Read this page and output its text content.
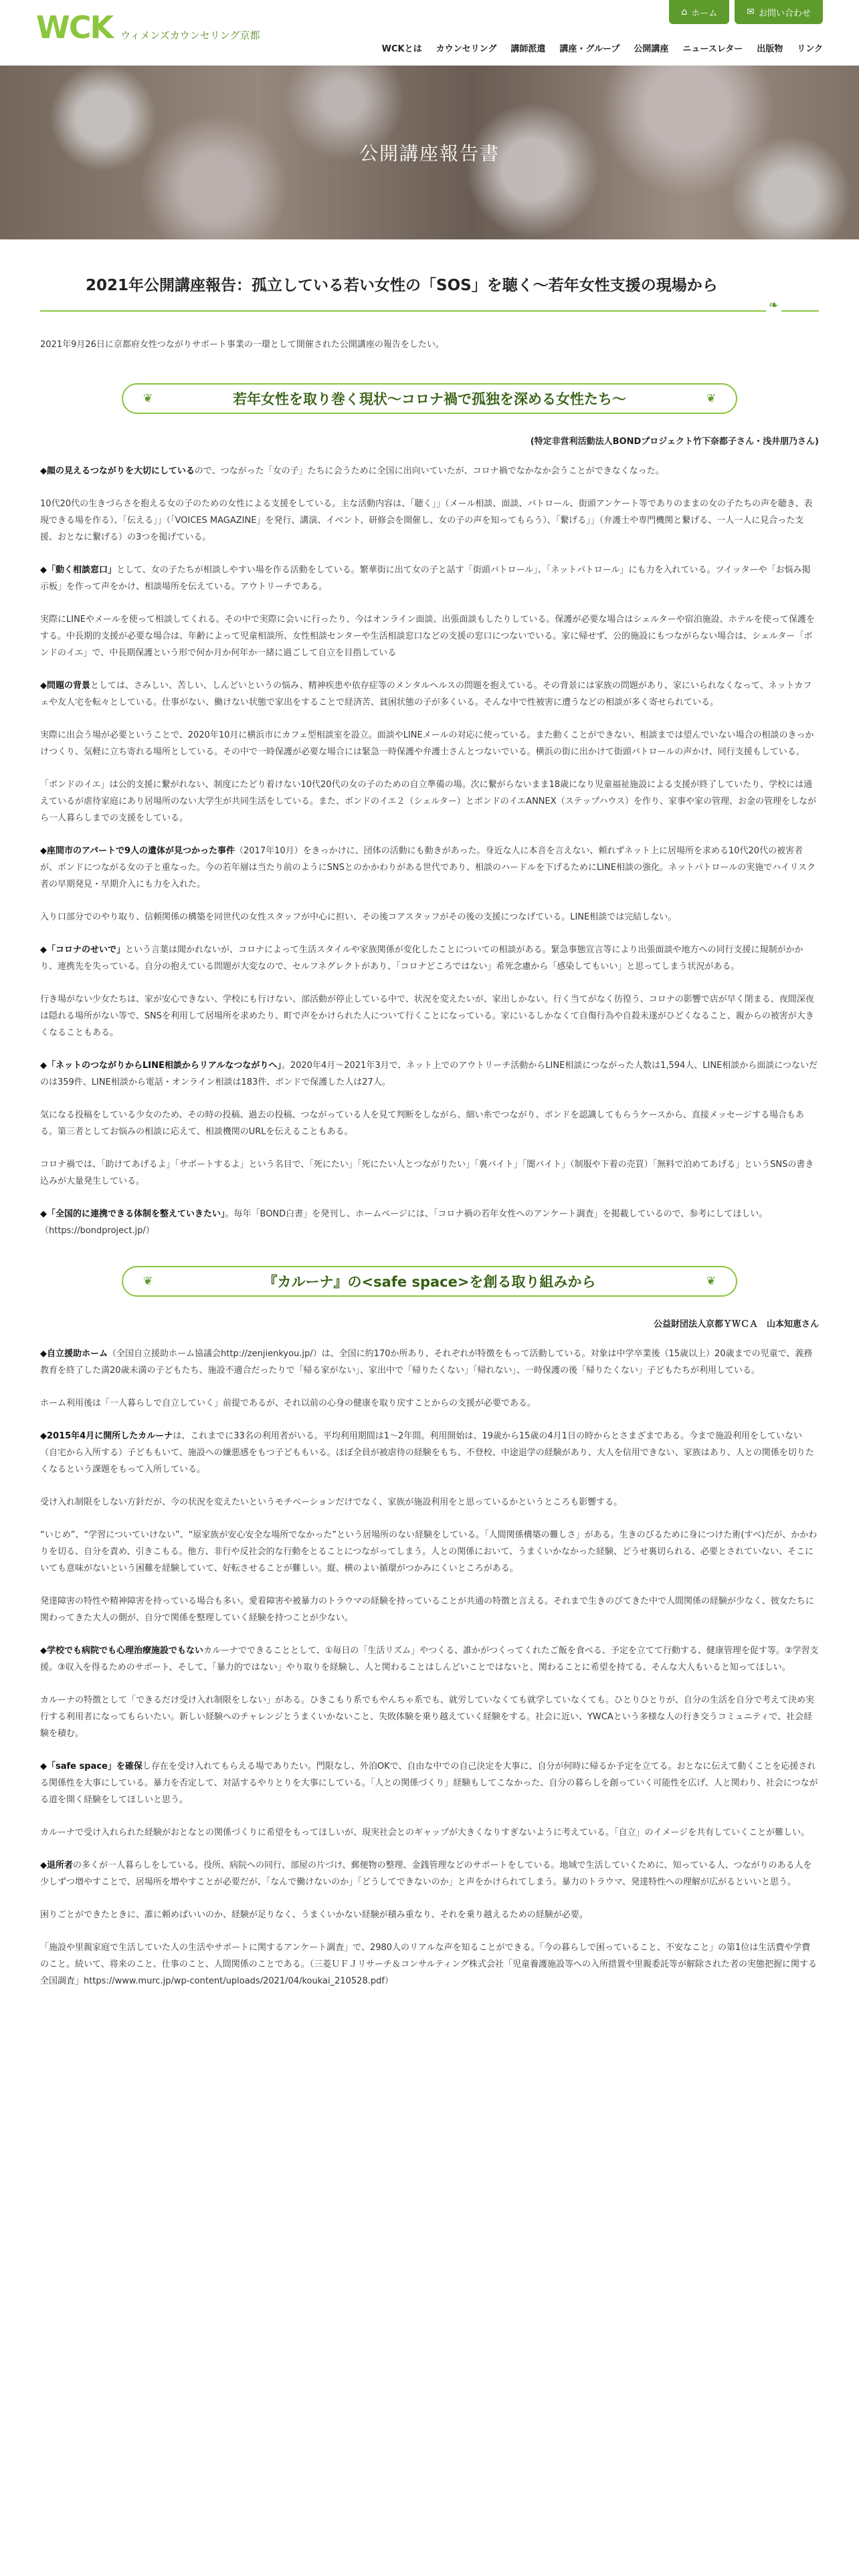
WCK ウィメンズカウンセリング京都
⌂ ホーム	✉ お問い合わせ
WCKとは カウンセリング 講師派遣 講座・グループ 公開講座 ニュースレター 出版物 リンク
公開講座報告書
2021年公開講座報告：孤立している若い女性の「SOS」を聴く～若年女性支援の現場から
❧

2021年9月26日に京都府女性つながりサポート事業の一環として開催された公開講座の報告をしたい。

❦	若年女性を取り巻く現状～コロナ禍で孤独を深める女性たち～	❦
(特定非営利活動法人BONDプロジェクト竹下奈都子さん・浅井朋乃さん)

◆顔の見えるつながりを大切にしているので、つながった「女の子」たちに会うために全国に出向いていたが、コロナ禍でなかなか会うことができなくなった。

10代20代の生きづらさを抱える女の子のための女性による支援をしている。主な活動内容は、「聴く」」（メール相談、面談、パトロール、街頭アンケート等でありのままの女の子たちの声を聴き、表現できる場を作る）、「伝える」」（「VOICES MAGAZINE」を発行、講演、イベント、研修会を開催し、女の子の声を知ってもらう）、「繋げる」」（弁護士や専門機関と繋げる、一人一人に見合った支援、おとなに繋げる）の3つを掲げている。

◆「動く相談窓口」として、女の子たちが相談しやすい場を作る活動をしている。繁華街に出て女の子と話す「街頭パトロール」、「ネットパトロール」にも力を入れている。ツイッターや「お悩み掲示板」を作って声をかけ、相談場所を伝えている。アウトリーチである。

実際にLINEやメールを使って相談してくれる。その中で実際に会いに行ったり、今はオンライン面談、出張面談もしたりしている。保護が必要な場合はシェルターや宿泊施設、ホテルを使って保護をする。中長期的支援が必要な場合は、年齢によって児童相談所、女性相談センターや生活相談窓口などの支援の窓口につないでいる。家に帰せず、公的施設にもつながらない場合は、シェルター「ボンドのイエ」で、中長期保護という形で何か月か何年か一緒に過ごして自立を目指している

◆問題の背景としては、さみしい、苦しい、しんどいというの悩み、精神疾患や依存症等のメンタルヘルスの問題を抱えている。その背景には家族の問題があり、家にいられなくなって、ネットカフェや友人宅を転々としている。仕事がない、働けない状態で家出をすることで経済苦、貧困状態の子が多くいる。そんな中で性被害に遭うなどの相談が多く寄せられている。

実際に出会う場が必要ということで、2020年10月に横浜市にカフェ型相談室を設立。面談やLINEメールの対応に使っている。また動くことができない、相談までは望んでいない場合の相談のきっかけつくり、気軽に立ち寄れる場所としている。その中で一時保護が必要な場合には緊急一時保護や弁護士さんとつないでいる。横浜の街に出かけて街頭パトロールの声かけ、同行支援もしている。

「ボンドのイエ」は公的支援に繋がれない、制度にたどり着けない10代20代の女の子のための自立準備の場。次に繋がらないまま18歳になり児童福祉施設による支援が終了していたり、学校には通えているが虐待家庭にあり居場所のない大学生が共同生活をしている。また、ボンドのイエ２（シェルター）とボンドのイエANNEX（ステップハウス）を作り、家事や家の管理、お金の管理をしながら一人暮らしまでの支援をしている。

◆座間市のアパートで9人の遺体が見つかった事件（2017年10月）をきっかけに、団体の活動にも動きがあった。身近な人に本音を言えない、頼れずネット上に居場所を求める10代20代の被害者が、ボンドにつながる女の子と重なった。今の若年層は当たり前のようにSNSとのかかわりがある世代であり、相談のハードルを下げるためにLINE相談の強化。ネットパトロールの実施でハイリスク者の早期発見・早期介入にも力を入れた。

入り口部分でのやり取り、信頼関係の構築を同世代の女性スタッフが中心に担い、その後コアスタッフがその後の支援につなげている。LINE相談では完結しない。

◆「コロナのせいで」という言葉は聞かれないが、コロナによって生活スタイルや家族関係が変化したことについての相談がある。緊急事態宣言等により出張面談や地方への同行支援に規制がかかり、連携先を失っている。自分の抱えている問題が大変なので、セルフネグレクトがあり、「コロナどころではない」希死念慮から「感染してもいい」と思ってしまう状況がある。

行き場がない少女たちは、家が安心できない、学校にも行けない、部活動が停止している中で、状況を変えたいが、家出しかない。行く当てがなく彷徨う、コロナの影響で店が早く閉まる、夜間深夜は隠れる場所がない等で、SNSを利用して居場所を求めたり、町で声をかけられた人について行くことになっている。家にいるしかなくて自傷行為や自殺未遂がひどくなること、親からの被害が大きくなることもある。

◆「ネットのつながりからLINE相談からリアルなつながりへ」。2020年4月～2021年3月で、ネット上でのアウトリーチ活動からLINE相談につながった人数は1,594人、LINE相談から面談につないだのは359件、LINE相談から電話・オンライン相談は183件、ボンドで保護した人は27人。

気になる投稿をしている少女のため、その時の投稿、過去の投稿、つながっている人を見て判断をしながら、細い糸でつながり、ボンドを認識してもらうケースから、直接メッセージする場合もある。第三者としてお悩みの相談に応えて、相談機関のURLを伝えることもある。

コロナ禍では、「助けてあげるよ」「サポートするよ」という名目で、「死にたい」「死にたい人とつながりたい」「裏バイト」「闇バイト」（制服や下着の売買）「無料で泊めてあげる」というSNSの書き込みが大量発生している。

◆「全国的に連携できる体制を整えていきたい」。毎年「BOND白書」を発刊し、ホームページには、「コロナ禍の若年女性へのアンケート調査」を掲載しているので、参考にしてほしい。（https://bondproject.jp/）

❦	『カルーナ』の<safe space>を創る取り組みから	❦
公益財団法人京都ＹＷＣＡ　山本知恵さん

◆自立援助ホーム（全国自立援助ホーム協議会http://zenjienkyou.jp/）は、全国に約170か所あり、それぞれが特徴をもって活動している。対象は中学卒業後（15歳以上）20歳までの児童で、義務教育を終了した満20歳未満の子どもたち、施設不適合だったりで「帰る家がない」、家出中で「帰りたくない」「帰れない」、一時保護の後「帰りたくない」子どもたちが利用している。

ホーム利用後は「一人暮らしで自立していく」前提であるが、それ以前の心身の健康を取り戻すことからの支援が必要である。

◆2015年4月に開所したカルーナは、これまでに33名の利用者がいる。平均利用期間は1～2年間。利用開始は、19歳から15歳の4月1日の時からとさまざまである。今まで施設利用をしていない（自宅から入所する）子どももいて、施設への嫌悪感をもつ子どももいる。ほぼ全員が被虐待の経験をもち、不登校、中途退学の経験があり、大人を信用できない、家族はあり、人との関係を切りたくなるという課題をもって入所している。

受け入れ制限をしない方針だが、今の状況を変えたいというモチベーションだけでなく、家族が施設利用をと思っているかというところも影響する。

“いじめ”、“学習についていけない”、“原家族が安心安全な場所でなかった”という居場所のない経験をしている。「人間関係構築の難しさ」がある。生きのびるために身につけた術(すべ)だが、かかわりを切る、自分を責め、引きこもる。他方、非行や反社会的な行動をとることにつながってしまう。人との関係において、うまくいかなかった経験、どうせ裏切られる、必要とされていない、そこにいても意味がないという困難を経験していて、好転させることが難しい。縦、横のよい循環がつかみにくいところがある。

発達障害の特性や精神障害を持っている場合も多い。愛着障害や被暴力のトラウマの経験を持っていることが共通の特徴と言える。それまで生きのびてきた中で人間関係の経験が少なく、彼女たちに関わってきた大人の側が、自分で関係を整理していく経験を持つことが少ない。

◆学校でも病院でも心理治療施設でもないカルーナでできることとして、①毎日の「生活リズム」やつくる、誰かがつくってくれたご飯を食べる、予定を立てて行動する、健康管理を促す等。②学習支援。③収入を得るためのサポート、そして、「暴力的ではない」やり取りを経験し、人と関わることはしんどいことではないと、関わることに希望を持てる、そんな大人もいると知ってほしい。

カルーナの特徴として「できるだけ受け入れ制限をしない」がある。ひきこもり系でもやんちゃ系でも、就労していなくても就学していなくても。ひとりひとりが、自分の生活を自分で考えて決め実行する利用者になってもらいたい。新しい経験へのチャレンジとうまくいかないこと、失敗体験を乗り越えていく経験をする。社会に近い、YWCAという多様な人の行き交うコミュニティで、社会経験を積む。

◆「safe space」を確保し存在を受け入れてもらえる場でありたい。門限なし、外泊OKで、自由な中での自己決定を大事に、自分が何時に帰るか予定を立てる。おとなに伝えて動くことを応援される関係性を大事にしている。暴力を否定して、対話するやりとりを大事にしている。「人との関係づくり」経験もしてこなかった、自分の暮らしを創っていく可能性を広げ、人と関わり、社会につながる道を開く経験をしてほしいと思う。

カルーナで受け入れられた経験がおとなとの関係づくりに希望をもってほしいが、現実社会とのギャップが大きくなりすぎないように考えている。「自立」のイメージを共有していくことが難しい。

◆退所者の多くが一人暮らしをしている。役所、病院への同行、部屋の片づけ、郵便物の整理、金銭管理などのサポートをしている。地域で生活していくために、知っている人、つながりのある人を少しずつ増やすことで、居場所を増やすことが必要だが、「なんで働けないのか」「どうしてできないのか」と声をかけられてしまう。暴力のトラウマ、発達特性への理解が広がるといいと思う。

困りごとができたときに、誰に頼めばいいのか、経験が足りなく、うまくいかない経験が積み重なり、それを乗り越えるための経験が必要。

「施設や里親家庭で生活していた人の生活やサポートに関するアンケート調査」で、2980人のリアルな声を知ることができる。「今の暮らしで困っていること、不安なこと」の第1位は生活費や学費のこと。続いて、将来のこと、仕事のこと、人間関係のことである。（三菱ＵＦＪリサーチ＆コンサルティング株式会社「児童養護施設等への入所措置や里親委託等が解除された者の実態把握に関する全国調査」https://www.murc.jp/wp-content/uploads/2021/04/koukai_210528.pdf）
